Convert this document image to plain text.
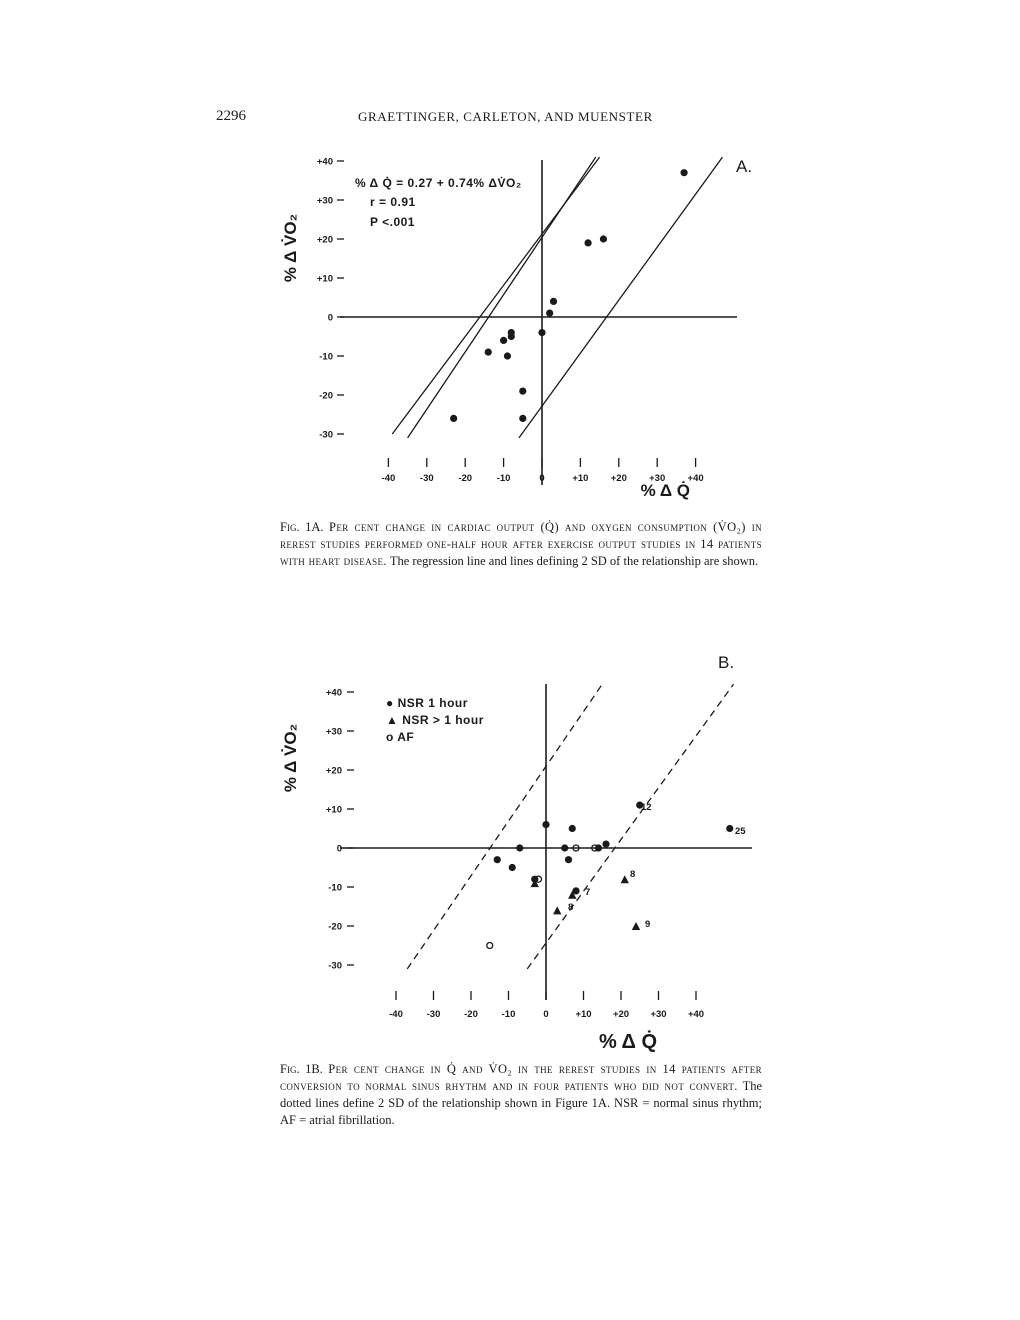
2296	GRAETTINGER, CARLETON, AND MUENSTER
-40	-30	-20	-10	0	+10 +20 +30 +40
+40
+30
+20
+10
0
-10
-20
-30
% Δ Q̇
% Δ V̇O₂
A.
% Δ Q̇ = 0.27 + 0.74% ΔV̇O₂
r = 0.91
P <.001
Fig. 1A. Per cent change in cardiac output (Q̇) and oxygen consumption (V̇O₂) in rerest studies performed one-half hour after exercise output studies in 14 patients with heart disease. The regression line and lines defining 2 SD of the relationship are shown.
-40	-30	-20	-10	0	+10 +20 +30 +40
+40
+30
+20
+10
0
-10
-20
-30
% Δ Q̇
% Δ V̇O₂
B.
● NSR 1 hour
▲ NSR > 1 hour
o AF
12
25
8
7
8
9
Fig. 1B. Per cent change in Q̇ and V̇O₂ in the rerest studies in 14 patients after conversion to normal sinus rhythm and in four patients who did not convert. The dotted lines define 2 SD of the relationship shown in Figure 1A. NSR = normal sinus rhythm; AF = atrial fibrillation.
